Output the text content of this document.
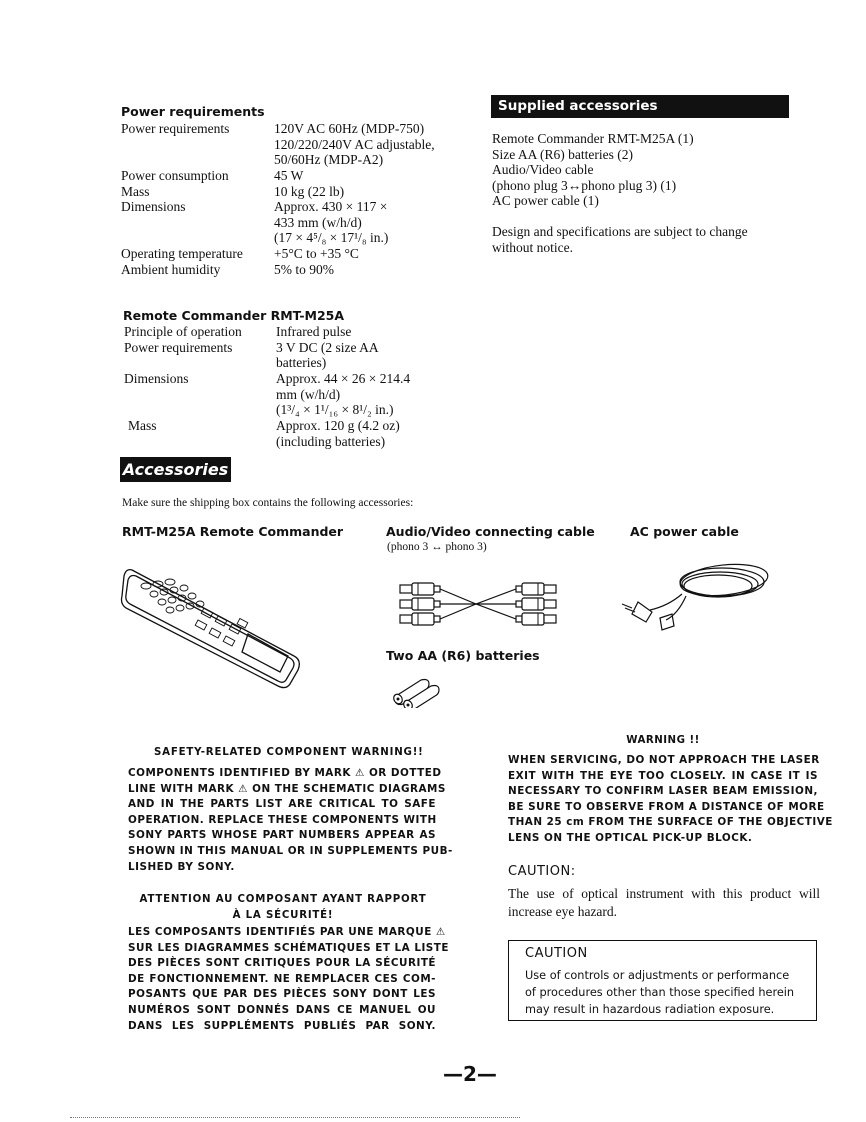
Power requirements
Power requirements	120V AC 60Hz (MDP-750)
120/220/240V AC adjustable,
50/60Hz (MDP-A2)
Power consumption	45 W
Mass	10 kg (22 lb)
Dimensions	Approx. 430 × 117 ×
433 mm (w/h/d)
(17 × 4⁵/₈ × 17¹/₈ in.)
Operating temperature +5°C to +35 °C
Ambient humidity	5% to 90%
Remote Commander RMT-M25A
Principle of operation	Infrared pulse
Power requirements	3 V DC (2 size AA
batteries)
Dimensions	Approx. 44 × 26 × 214.4
mm (w/h/d)
(1³/₄ × 1¹/₁₆ × 8¹/₂ in.)
Mass	Approx. 120 g (4.2 oz)
(including batteries)
Supplied accessories
Remote Commander RMT-M25A (1)
Size AA (R6) batteries (2)
Audio/Video cable
(phono plug 3↔phono plug 3) (1)
AC power cable (1)
Design and specifications are subject to change
without notice.
Accessories
Make sure the shipping box contains the following accessories:
RMT-M25A Remote Commander	Audio/Video connecting cable
(phono 3 ↔ phono 3)
AC power cable
Two AA (R6) batteries
SAFETY-RELATED COMPONENT WARNING!!
COMPONENTS IDENTIFIED BY MARK ⚠ OR DOTTED
LINE WITH MARK ⚠ ON THE SCHEMATIC DIAGRAMS
AND IN THE PARTS LIST ARE CRITICAL TO SAFE
OPERATION. REPLACE THESE COMPONENTS WITH
SONY PARTS WHOSE PART NUMBERS APPEAR AS
SHOWN IN THIS MANUAL OR IN SUPPLEMENTS PUB-
LISHED BY SONY.
ATTENTION AU COMPOSANT AYANT RAPPORT
À LA SÉCURITÉ!
LES COMPOSANTS IDENTIFIÉS PAR UNE MARQUE ⚠
SUR LES DIAGRAMMES SCHÉMATIQUES ET LA LISTE
DES PIÈCES SONT CRITIQUES POUR LA SÉCURITÉ
DE FONCTIONNEMENT. NE REMPLACER CES COM-
POSANTS QUE PAR DES PIÈCES SONY DONT LES
NUMÉROS SONT DONNÉS DANS CE MANUEL OU
DANS LES SUPPLÉMENTS PUBLIÉS PAR SONY.
WARNING !!
WHEN SERVICING, DO NOT APPROACH THE LASER
EXIT WITH THE EYE TOO CLOSELY. IN CASE IT IS
NECESSARY TO CONFIRM LASER BEAM EMISSION,
BE SURE TO OBSERVE FROM A DISTANCE OF MORE
THAN 25 cm FROM THE SURFACE OF THE OBJECTIVE
LENS ON THE OPTICAL PICK-UP BLOCK.
CAUTION:
The use of optical instrument with this product will
increase eye hazard.
CAUTION
Use of controls or adjustments or performance
of procedures other than those specified herein
may result in hazardous radiation exposure.
—2—
